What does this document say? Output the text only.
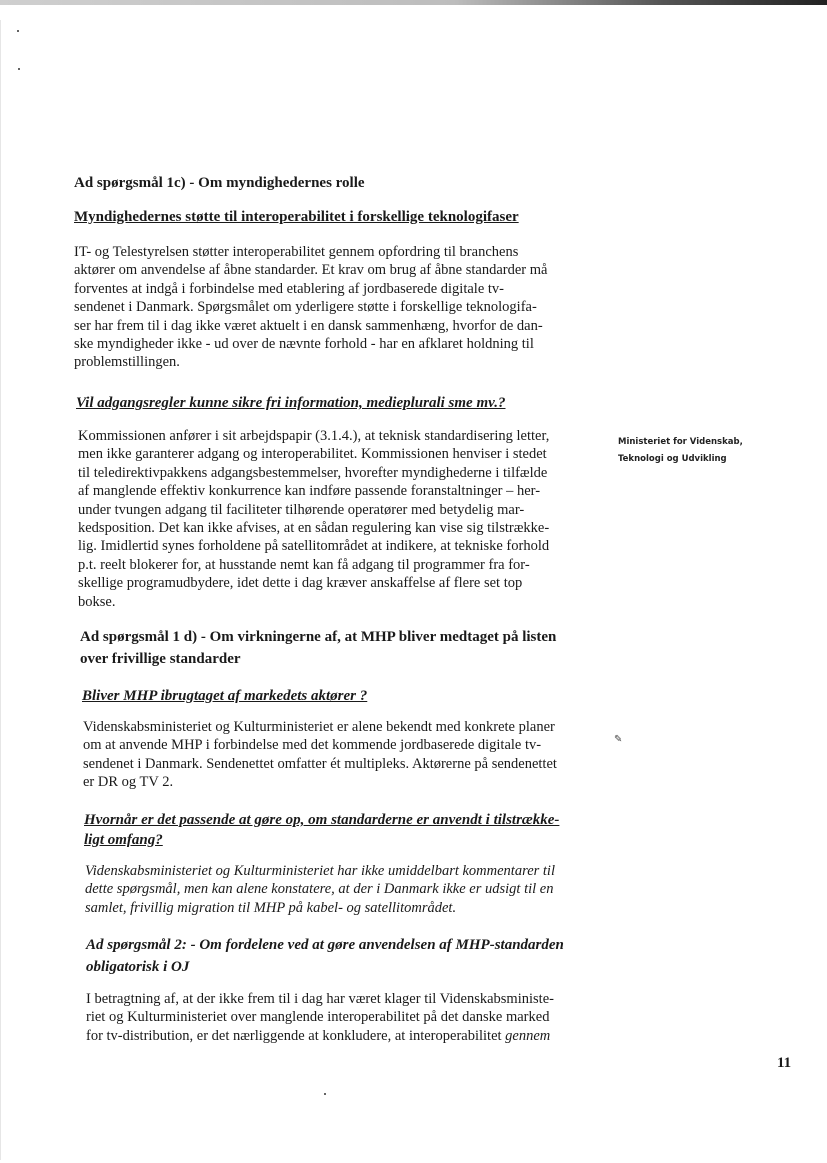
✎

Ad spørgsmål 1c) - Om myndighedernes rolle

Myndighedernes støtte til interoperabilitet i forskellige teknologifaser

IT- og Telestyrelsen støtter interoperabilitet gennem opfordring til branchens
aktører om anvendelse af åbne standarder. Et krav om brug af åbne standarder må
forventes at indgå i forbindelse med etablering af jordbaserede digitale tv-
sendenet i Danmark. Spørgsmålet om yderligere støtte i forskellige teknologifa-
ser har frem til i dag ikke været aktuelt i en dansk sammenhæng, hvorfor de dan-
ske myndigheder ikke - ud over de nævnte forhold - har en afklaret holdning til
problemstillingen.

Vil adgangsregler kunne sikre fri information, medieplurali sme mv.?

Kommissionen anfører i sit arbejdspapir (3.1.4.), at teknisk standardisering letter,
men ikke garanterer adgang og interoperabilitet. Kommissionen henviser i stedet
til teledirektivpakkens adgangsbestemmelser, hvorefter myndighederne i tilfælde
af manglende effektiv konkurrence kan indføre passende foranstaltninger – her-
under tvungen adgang til faciliteter tilhørende operatører med betydelig mar-
kedsposition. Det kan ikke afvises, at en sådan regulering kan vise sig tilstrække-
lig. Imidlertid synes forholdene på satellitområdet at indikere, at tekniske forhold
p.t. reelt blokerer for, at husstande nemt kan få adgang til programmer fra for-
skellige programudbydere, idet dette i dag kræver anskaffelse af flere set top
bokse.

Ministeriet for Videnskab,
Teknologi og Udvikling

Ad spørgsmål 1 d) - Om virkningerne af, at MHP bliver medtaget på listen
over frivillige standarder

Bliver MHP ibrugtaget af markedets aktører ?

Videnskabsministeriet og Kulturministeriet er alene bekendt med konkrete planer
om at anvende MHP i forbindelse med det kommende jordbaserede digitale tv-
sendenet i Danmark. Sendenettet omfatter ét multipleks. Aktørerne på sendenettet
er DR og TV 2.

Hvornår er det passende at gøre op, om standarderne er anvendt i tilstrække-
ligt omfang?

Videnskabsministeriet og Kulturministeriet har ikke umiddelbart kommentarer til
dette spørgsmål, men kan alene konstatere, at der i Danmark ikke er udsigt til en
samlet, frivillig migration til MHP på kabel- og satellitområdet.

Ad spørgsmål 2: - Om fordelene ved at gøre anvendelsen af MHP-standarden
obligatorisk i OJ

I betragtning af, at der ikke frem til i dag har været klager til Videnskabsministe-
riet og Kulturministeriet over manglende interoperabilitet på det danske marked
for tv-distribution, er det nærliggende at konkludere, at interoperabilitet gennem

11
